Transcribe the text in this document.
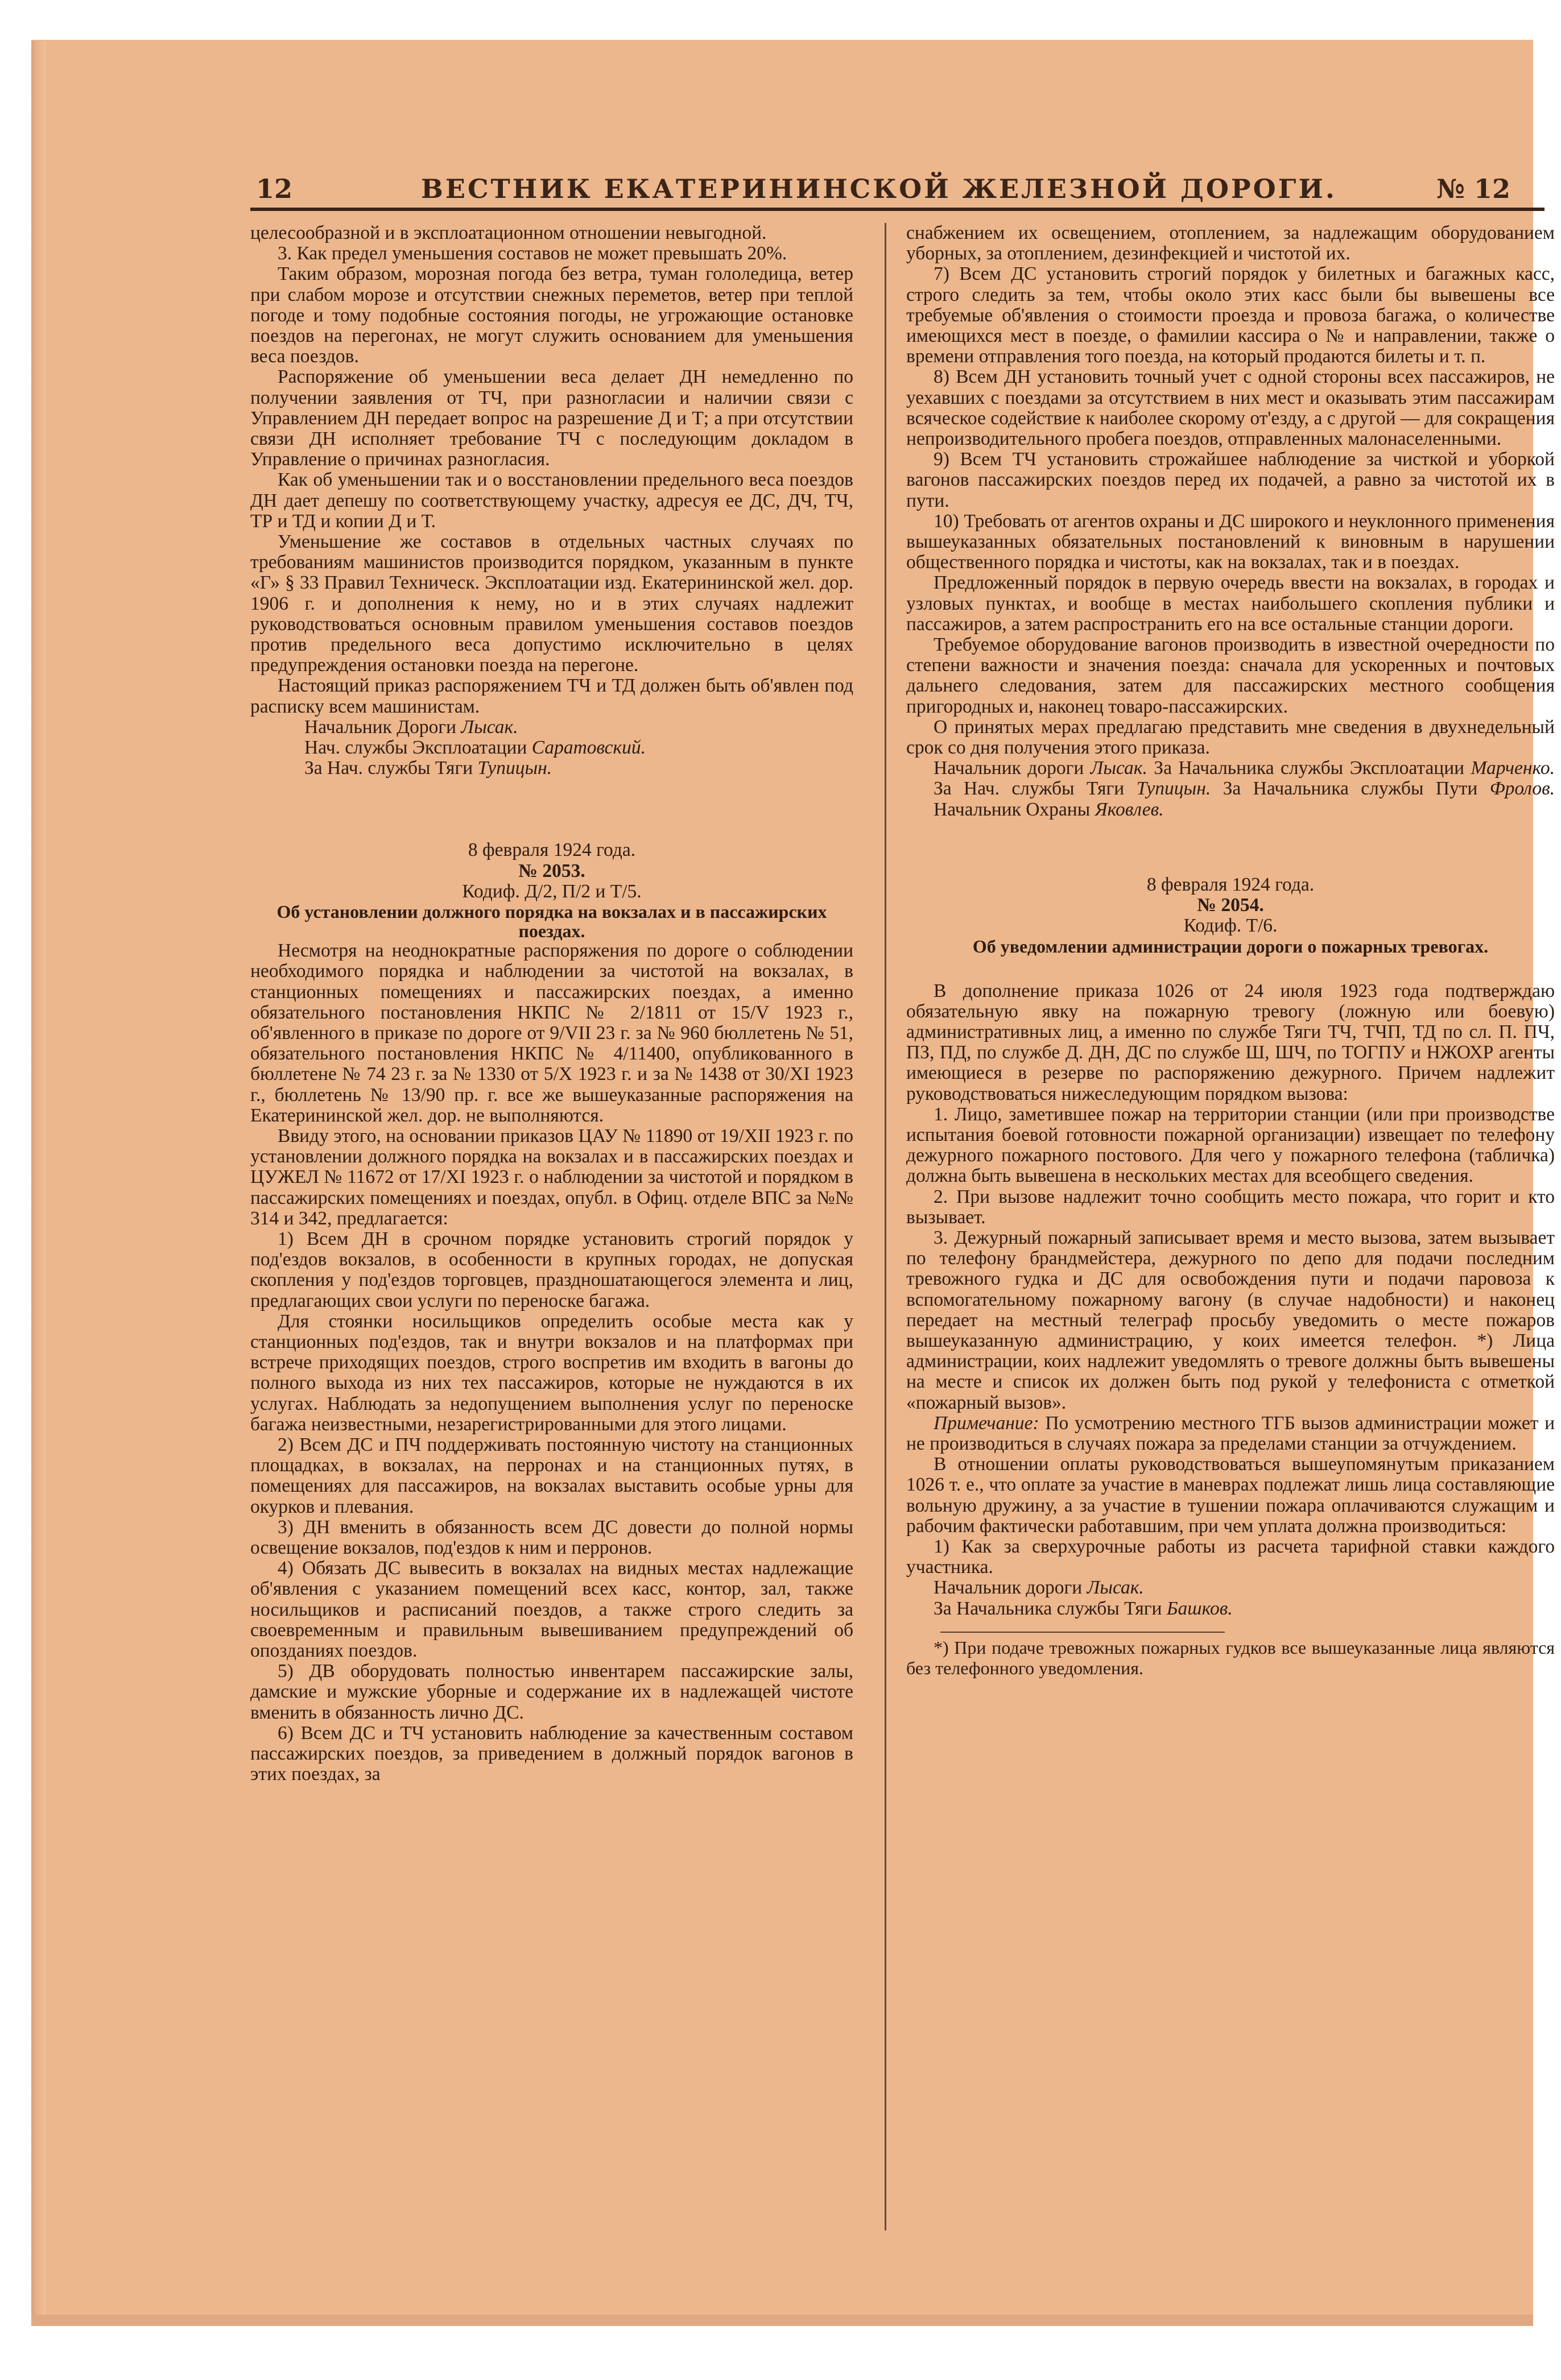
12	ВЕСТНИК ЕКАТЕРИНИНСКОЙ ЖЕЛЕЗНОЙ ДОРОГИ.	№ 12

целесообразной и в эксплоатационном отношении невыгодной.

3. Как предел уменьшения составов не может превышать 20%.

Таким образом, морозная погода без ветра, туман гололедица, ветер при слабом морозе и отсутствии снежных переметов, ветер при теплой погоде и тому подобные состояния погоды, не угрожающие остановке поездов на перегонах, не могут служить основанием для уменьшения веса поездов.

Распоряжение об уменьшении веса делает ДН немедленно по получении заявления от ТЧ, при разногласии и наличии связи с Управлением ДН передает вопрос на разрешение Д и Т; а при отсутствии связи ДН исполняет требование ТЧ с последующим докладом в Управление о причинах разногласия.

Как об уменьшении так и о восстановлении предельного веса поездов ДН дает депешу по соответствующему участку, адресуя ее ДС, ДЧ, ТЧ, ТР и ТД и копии Д и Т.

Уменьшение же составов в отдельных частных случаях по требованиям машинистов производится порядком, указанным в пункте «Г» § 33 Правил Техническ. Эксплоатации изд. Екатерининской жел. дор. 1906 г. и дополнения к нему, но и в этих случаях надлежит руководствоваться основным правилом уменьшения составов поездов против предельного веса допустимо исключительно в целях предупреждения остановки поезда на перегоне.

Настоящий приказ распоряжением ТЧ и ТД должен быть об'явлен под расписку всем машинистам.

Начальник Дороги Лысак.

Нач. службы Эксплоатации Саратовский.

За Нач. службы Тяги Тупицын.

8 февраля 1924 года.

№ 2053.

Кодиф. Д/2, П/2 и Т/5.

Об установлении должного порядка на вокзалах и в пассажирских поездах.

Несмотря на неоднократные распоряжения по дороге о соблюдении необходимого порядка и наблюдении за чистотой на вокзалах, в станционных помещениях и пассажирских поездах, а именно обязательного постановления НКПС № 2/1811 от 15/V 1923 г., об'явленного в приказе по дороге от 9/VII 23 г. за № 960 бюллетень № 51, обязательного постановления НКПС № 4/11400, опубликованного в бюллетене № 74 23 г. за № 1330 от 5/X 1923 г. и за № 1438 от 30/XI 1923 г., бюллетень № 13/90 пр. г. все же вышеуказанные распоряжения на Екатерининской жел. дор. не выполняются.

Ввиду этого, на основании приказов ЦАУ № 11890 от 19/XII 1923 г. по установлении должного порядка на вокзалах и в пассажирских поездах и ЦУЖЕЛ № 11672 от 17/XI 1923 г. о наблюдении за чистотой и порядком в пассажирских помещениях и поездах, опубл. в Офиц. отделе ВПС за №№ 314 и 342, предлагается:

1) Всем ДН в срочном порядке установить строгий порядок у под'ездов вокзалов, в особенности в крупных городах, не допуская скопления у под'ездов торговцев, праздношатающегося элемента и лиц, предлагающих свои услуги по переноске багажа.

Для стоянки носильщиков определить особые места как у станционных под'ездов, так и внутри вокзалов и на платформах при встрече приходящих поездов, строго воспретив им входить в вагоны до полного выхода из них тех пассажиров, которые не нуждаются в их услугах. Наблюдать за недопущением выполнения услуг по переноске багажа неизвестными, незарегистрированными для этого лицами.

2) Всем ДС и ПЧ поддерживать постоянную чистоту на станционных площадках, в вокзалах, на перронах и на станционных путях, в помещениях для пассажиров, на вокзалах выставить особые урны для окурков и плевания.

3) ДН вменить в обязанность всем ДС довести до полной нормы освещение вокзалов, под'ездов к ним и перронов.

4) Обязать ДС вывесить в вокзалах на видных местах надлежащие об'явления с указанием помещений всех касс, контор, зал, также носильщиков и расписаний поездов, а также строго следить за своевременным и правильным вывешиванием предупреждений об опозданиях поездов.

5) ДВ оборудовать полностью инвентарем пассажирские залы, дамские и мужские уборные и содержание их в надлежащей чистоте вменить в обязанность лично ДС.

6) Всем ДС и ТЧ установить наблюдение за качественным составом пассажирских поездов, за приведением в должный порядок вагонов в этих поездах, за

снабжением их освещением, отоплением, за надлежащим оборудованием уборных, за отоплением, дезинфекцией и чистотой их.

7) Всем ДС установить строгий порядок у билетных и багажных касс, строго следить за тем, чтобы около этих касс были бы вывешены все требуемые об'явления о стоимости проезда и провоза багажа, о количестве имеющихся мест в поезде, о фамилии кассира о № и направлении, также о времени отправления того поезда, на который продаются билеты и т. п.

8) Всем ДН установить точный учет с одной стороны всех пассажиров, не уехавших с поездами за отсутствием в них мест и оказывать этим пассажирам всяческое содействие к наиболее скорому от'езду, а с другой — для сокращения непроизводительного пробега поездов, отправленных малонаселенными.

9) Всем ТЧ установить строжайшее наблюдение за чисткой и уборкой вагонов пассажирских поездов перед их подачей, а равно за чистотой их в пути.

10) Требовать от агентов охраны и ДС широкого и неуклонного применения вышеуказанных обязательных постановлений к виновным в нарушении общественного порядка и чистоты, как на вокзалах, так и в поездах.

Предложенный порядок в первую очередь ввести на вокзалах, в городах и узловых пунктах, и вообще в местах наибольшего скопления публики и пассажиров, а затем распространить его на все остальные станции дороги.

Требуемое оборудование вагонов производить в известной очередности по степени важности и значения поезда: сначала для ускоренных и почтовых дальнего следования, затем для пассажирских местного сообщения пригородных и, наконец товаро-пассажирских.

О принятых мерах предлагаю представить мне сведения в двухнедельный срок со дня получения этого приказа.

Начальник дороги Лысак. За Начальника службы Эксплоатации Марченко. За Нач. службы Тяги Тупицын. За Начальника службы Пути Фролов. Начальник Охраны Яковлев.

8 февраля 1924 года.

№ 2054.

Кодиф. Т/6.

Об уведомлении администрации дороги о пожарных тревогах.

В дополнение приказа 1026 от 24 июля 1923 года подтверждаю обязательную явку на пожарную тревогу (ложную или боевую) административных лиц, а именно по службе Тяги ТЧ, ТЧП, ТД по сл. П. ПЧ, ПЗ, ПД, по службе Д. ДН, ДС по службе Ш, ШЧ, по ТОГПУ и НЖОХР агенты имеющиеся в резерве по распоряжению дежурного. Причем надлежит руководствоваться нижеследующим порядком вызова:

1. Лицо, заметившее пожар на территории станции (или при производстве испытания боевой готовности пожарной организации) извещает по телефону дежурного пожарного постового. Для чего у пожарного телефона (табличка) должна быть вывешена в нескольких местах для всеобщего сведения.

2. При вызове надлежит точно сообщить место пожара, что горит и кто вызывает.

3. Дежурный пожарный записывает время и место вызова, затем вызывает по телефону брандмейстера, дежурного по депо для подачи последним тревожного гудка и ДС для освобождения пути и подачи паровоза к вспомогательному пожарному вагону (в случае надобности) и наконец передает на местный телеграф просьбу уведомить о месте пожаров вышеуказанную администрацию, у коих имеется телефон. *) Лица администрации, коих надлежит уведомлять о тревоге должны быть вывешены на месте и список их должен быть под рукой у телефониста с отметкой «пожарный вызов».

Примечание: По усмотрению местного ТГБ вызов администрации может и не производиться в случаях пожара за пределами станции за отчуждением.

В отношении оплаты руководствоваться вышеупомянутым приказанием 1026 т. е., что оплате за участие в маневрах подлежат лишь лица составляющие вольную дружину, а за участие в тушении пожара оплачиваются служащим и рабочим фактически работавшим, при чем уплата должна производиться:

1) Как за сверхурочные работы из расчета тарифной ставки каждого участника.

Начальник дороги Лысак.

За Начальника службы Тяги Башков.

*) При подаче тревожных пожарных гудков все вышеуказанные лица являются без телефонного уведомления.
